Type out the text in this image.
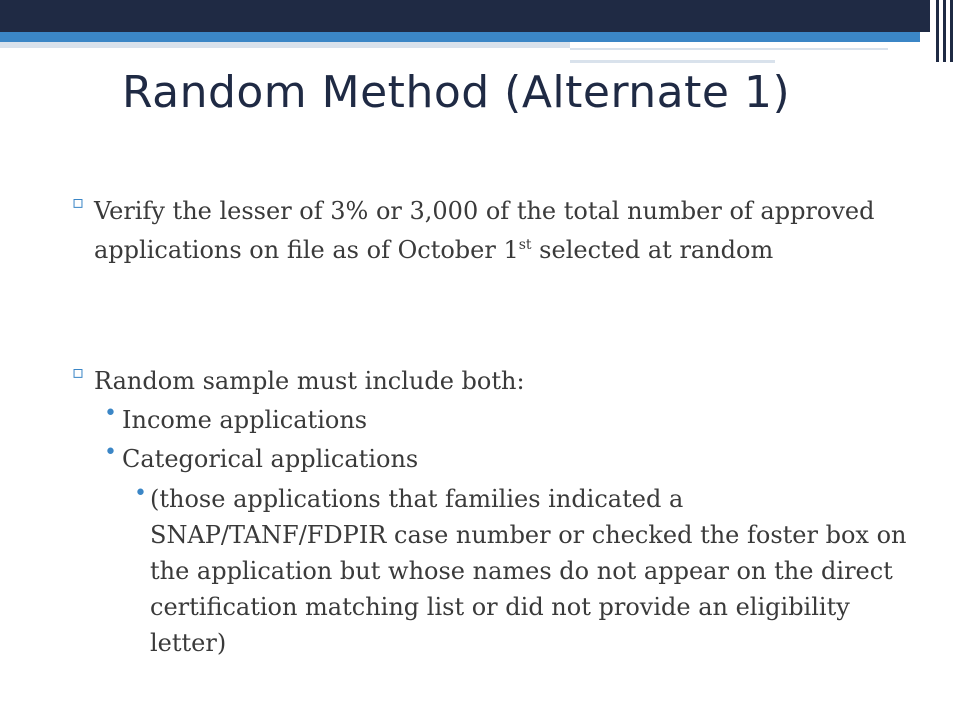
Random Method (Alternate 1)
▫ Verify the lesser of 3% or 3,000 of the total number of approved applications on file as of October 1st selected at random
▫ Random sample must include both:
• Income applications
• Categorical applications
• (those applications that families indicated a SNAP/TANF/FDPIR case number or checked the foster box on the application but whose names do not appear on the direct certification matching list or did not provide an eligibility letter)
